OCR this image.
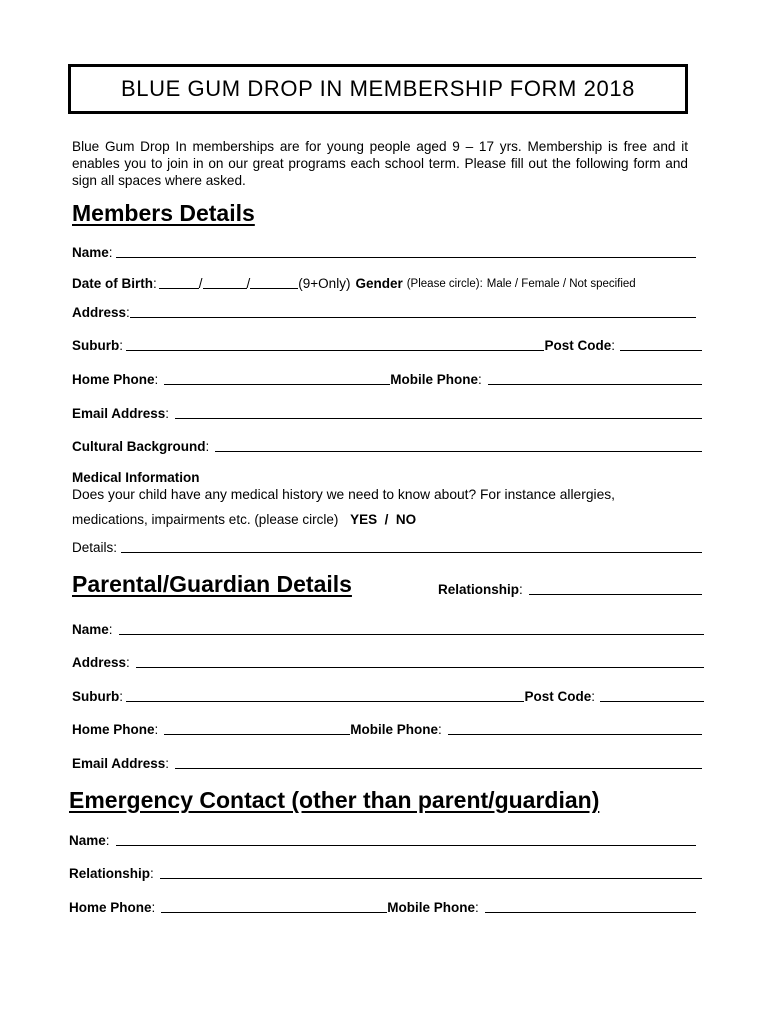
BLUE GUM DROP IN MEMBERSHIP FORM 2018
Blue Gum Drop In memberships are for young people aged 9 – 17 yrs. Membership is free and it enables you to join in on our great programs each school term. Please fill out the following form and sign all spaces where asked.
Members Details
Name :
Date of Birth :	/	/	(9+Only) Gender (Please circle) : Male / Female / Not specified
Address :
Suburb :	Post Code :
Home Phone :	Mobile Phone :
Email Address :
Cultural Background :
Medical Information
Does your child have any medical history we need to know about? For instance allergies,
medications, impairments etc. (please circle) YES  /  NO
Details :
Parental/Guardian Details	Relationship :
Name :
Address :
Suburb :	Post Code :
Home Phone :	Mobile Phone :
Email Address :
Emergency Contact (other than parent/guardian)
Name :
Relationship :
Home Phone :	Mobile Phone :
